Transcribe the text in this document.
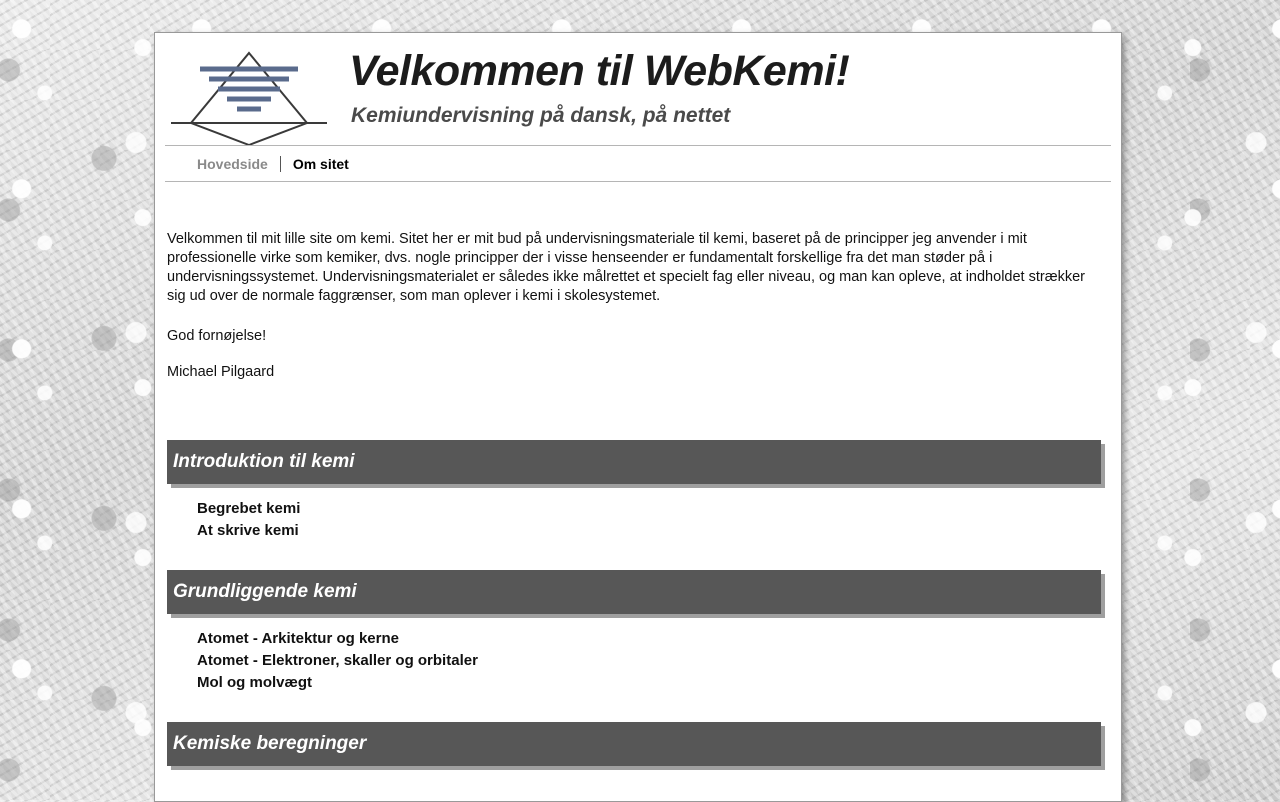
Velkommen til WebKemi!
Kemiundervisning på dansk, på nettet
Hovedside	Om sitet

Velkommen til mit lille site om kemi. Sitet her er mit bud på undervisningsmateriale til kemi, baseret på de principper jeg anvender i mit professionelle virke som kemiker, dvs. nogle principper der i visse henseender er fundamentalt forskellige fra det man støder på i undervisningssystemet. Undervisningsmaterialet er således ikke målrettet et specielt fag eller niveau, og man kan opleve, at indholdet strækker sig ud over de normale faggrænser, som man oplever i kemi i skolesystemet.

God fornøjelse!

Michael Pilgaard

Introduktion til kemi
Begrebet kemi
At skrive kemi
Grundliggende kemi
Atomet - Arkitektur og kerne
Atomet - Elektroner, skaller og orbitaler
Mol og molvægt
Kemiske beregninger
